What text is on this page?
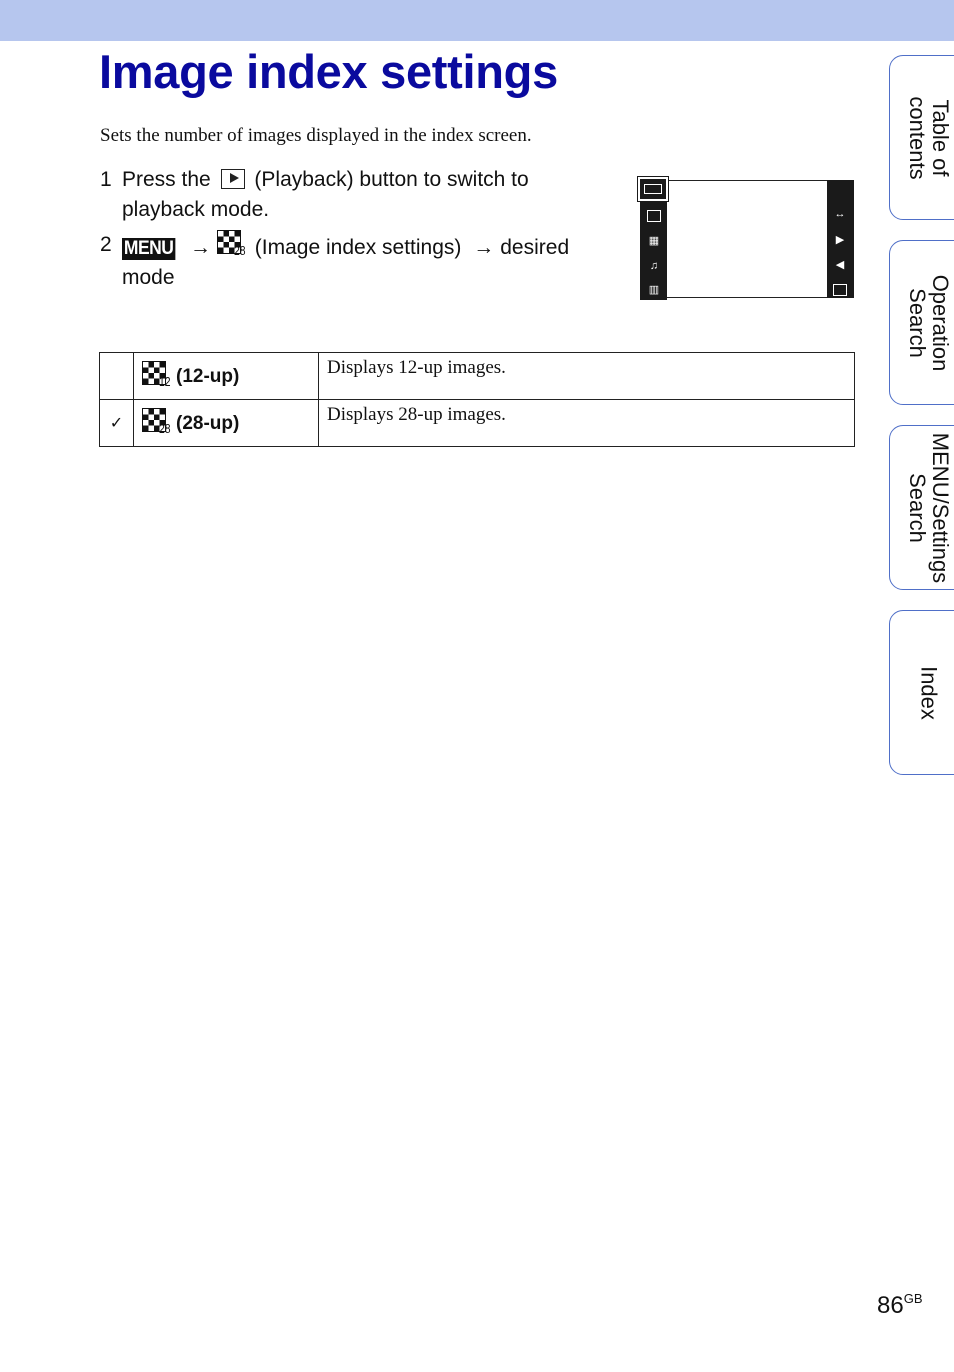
Image index settings
Sets the number of images displayed in the index screen.
1 Press the (Playback) button to switch to
playback mode.
2 MENU → 28 (Image index settings) → desired
mode
▦
♫
▥
↔
▶
◀

	12 (12-up)	Displays 12-up images.
✓	28 (28-up)	Displays 28-up images.
Table of
contents
Operation
Search
MENU/Settings
Search
Index
$86^{GB}$
